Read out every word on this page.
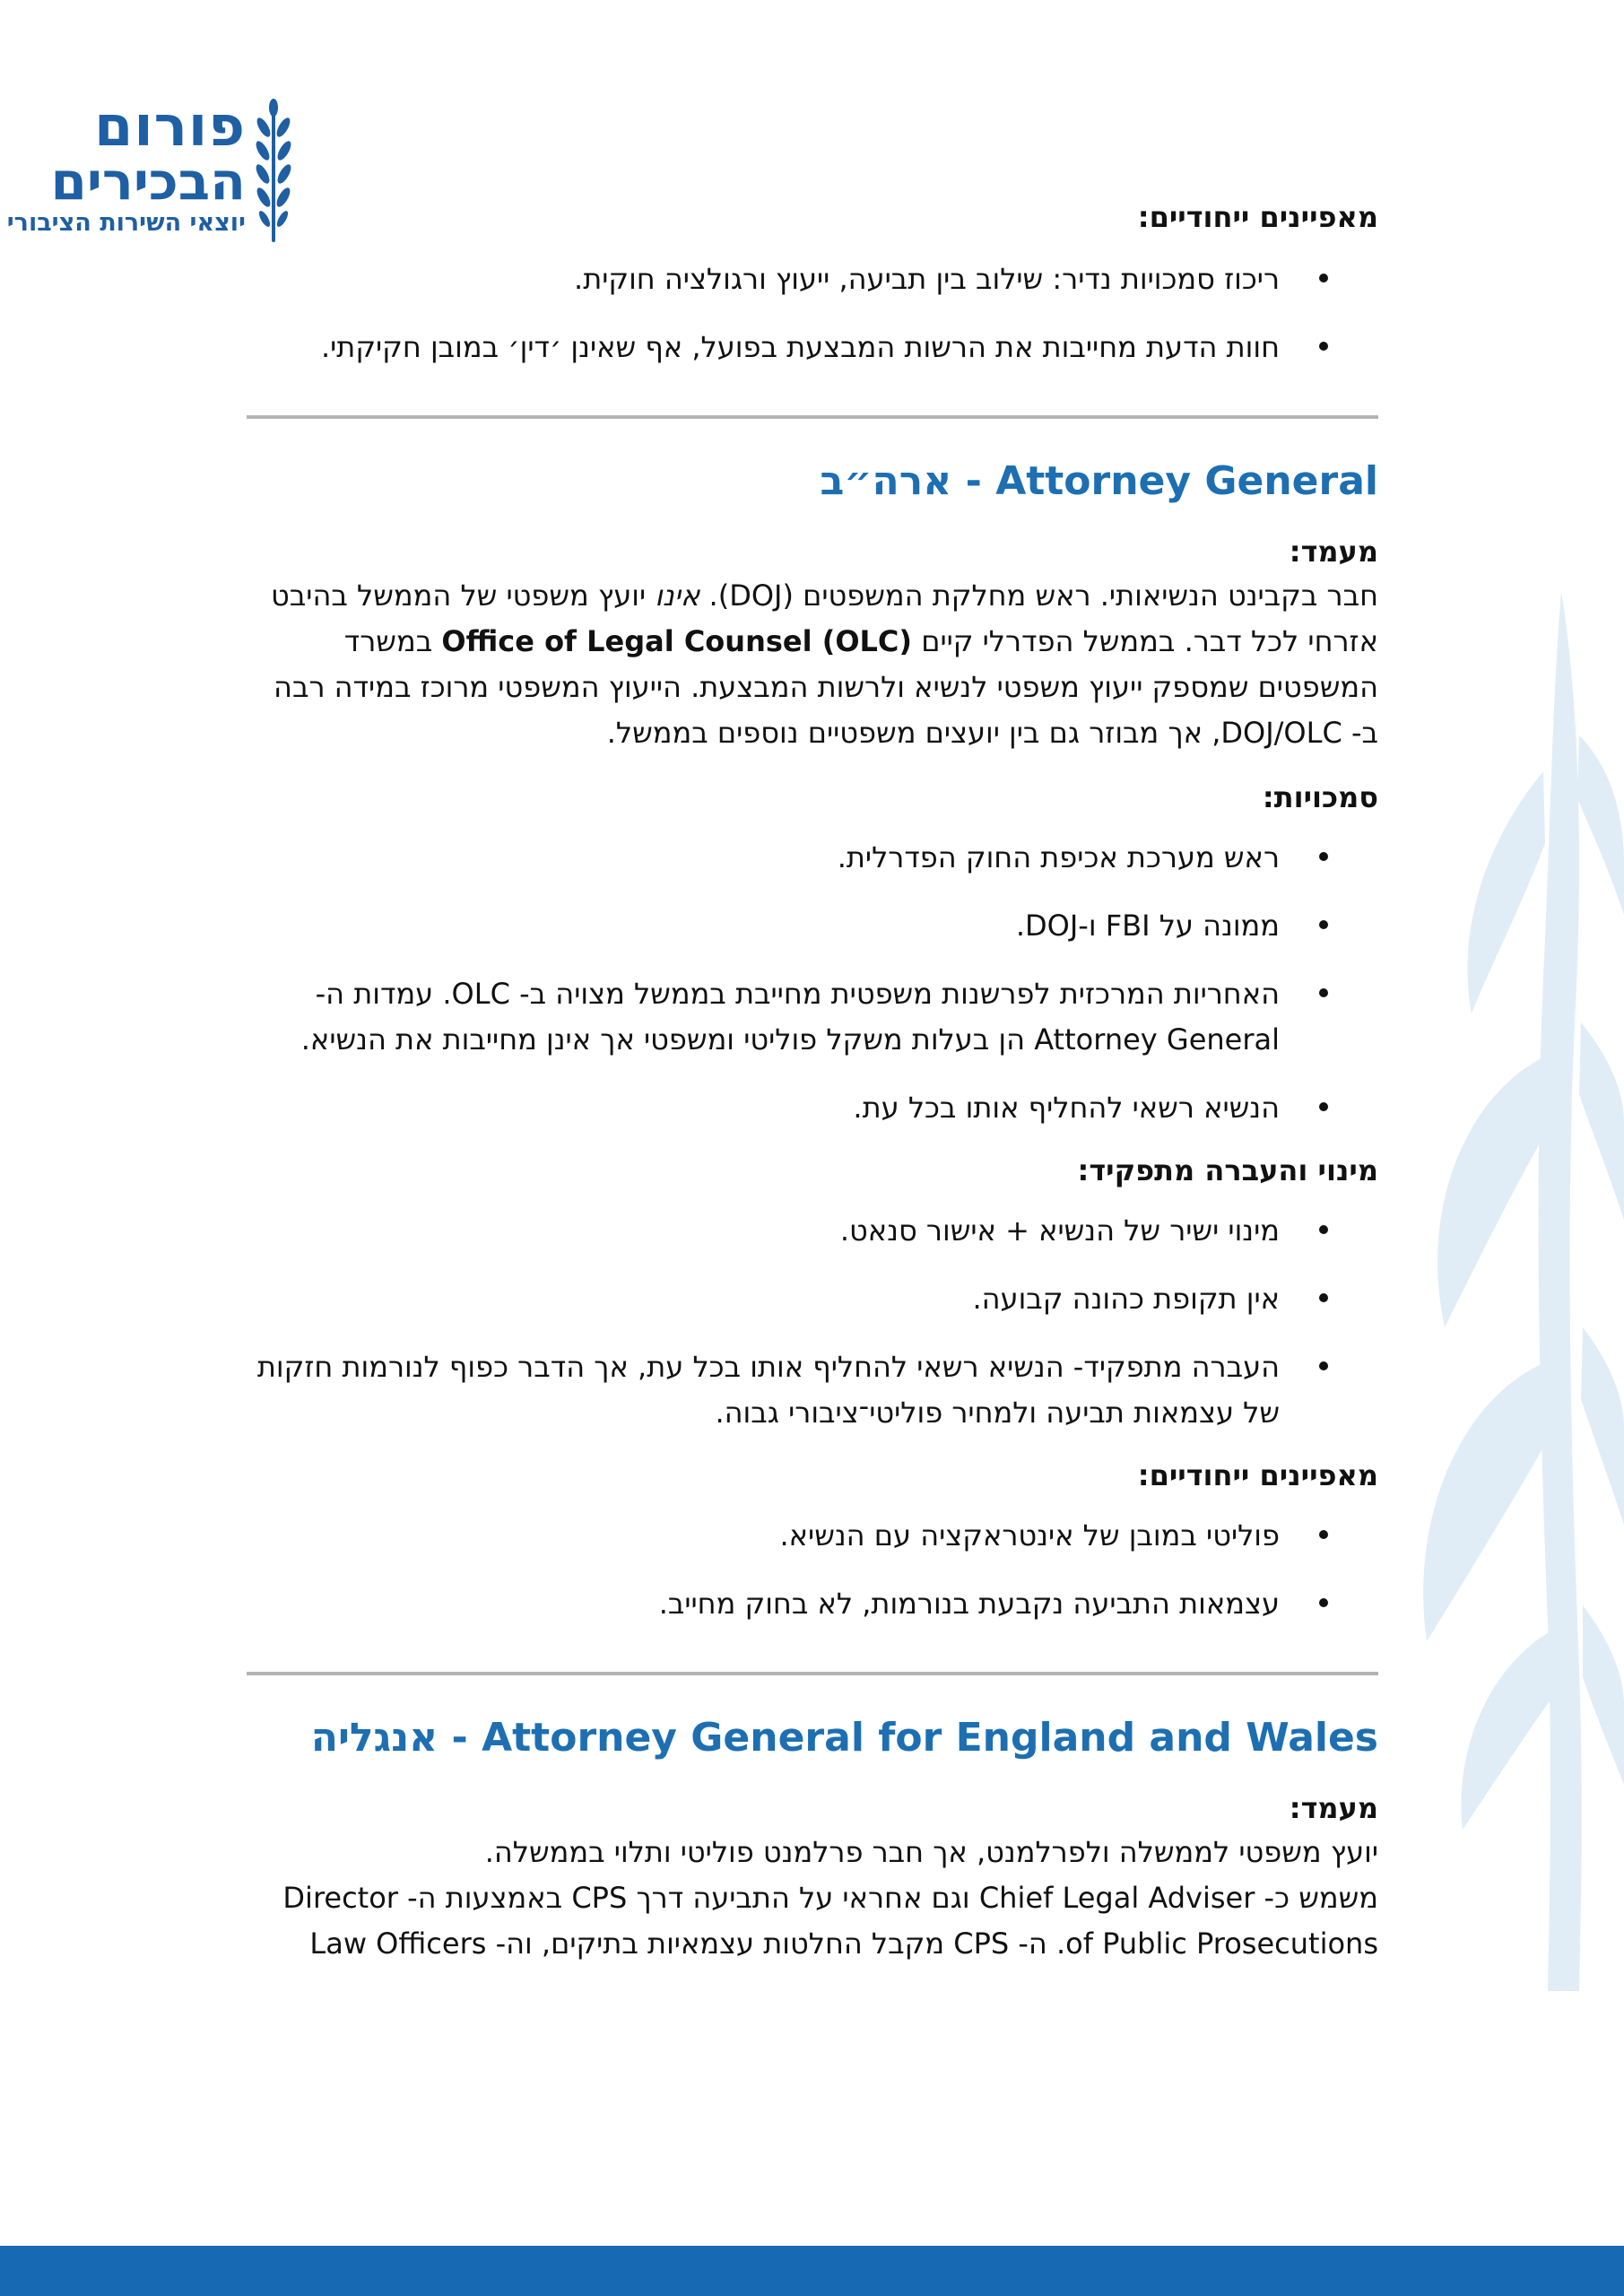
פורום
הבכירים
יוצאי השירות הציבורי	מאפיינים ייחודיים:
ריכוז סמכויות נדיר: שילוב בין תביעה, ייעוץ ורגולציה חוקית.
חוות הדעת מחייבות את הרשות המבצעת בפועל, אף שאינן ׳דין׳ במובן חקיקתי.
Attorney General - ארה״ב
מעמד:

חבר בקבינט הנשיאותי. ראש מחלקת המשפטים (DOJ). אינו יועץ משפטי של הממשל בהיבט אזרחי לכל דבר. בממשל הפדרלי קיים Office of Legal Counsel (OLC) במשרד המשפטים שמספק ייעוץ משפטי לנשיא ולרשות המבצעת. הייעוץ המשפטי מרוכז במידה רבה ב- DOJ/OLC, אך מבוזר גם בין יועצים משפטיים נוספים בממשל.

סמכויות:
ראש מערכת אכיפת החוק הפדרלית.
ממונה על FBI ו-DOJ.
האחריות המרכזית לפרשנות משפטית מחייבת בממשל מצויה ב- OLC. עמדות ה- Attorney General הן בעלות משקל פוליטי ומשפטי אך אינן מחייבות את הנשיא.
הנשיא רשאי להחליף אותו בכל עת.
מינוי והעברה מתפקיד:
מינוי ישיר של הנשיא + אישור סנאט.
אין תקופת כהונה קבועה.
העברה מתפקיד- הנשיא רשאי להחליף אותו בכל עת, אך הדבר כפוף לנורמות חזקות של עצמאות תביעה ולמחיר פוליטי־ציבורי גבוה.
מאפיינים ייחודיים:
פוליטי במובן של אינטראקציה עם הנשיא.
עצמאות התביעה נקבעת בנורמות, לא בחוק מחייב.
Attorney General for England and Wales - אנגליה
מעמד:

יועץ משפטי לממשלה ולפרלמנט, אך חבר פרלמנט פוליטי ותלוי בממשלה.

משמש כ- Chief Legal Adviser וגם אחראי על התביעה דרך CPS באמצעות ה- Director of Public Prosecutions. ה- CPS מקבל החלטות עצמאיות בתיקים, וה- Law Officers
